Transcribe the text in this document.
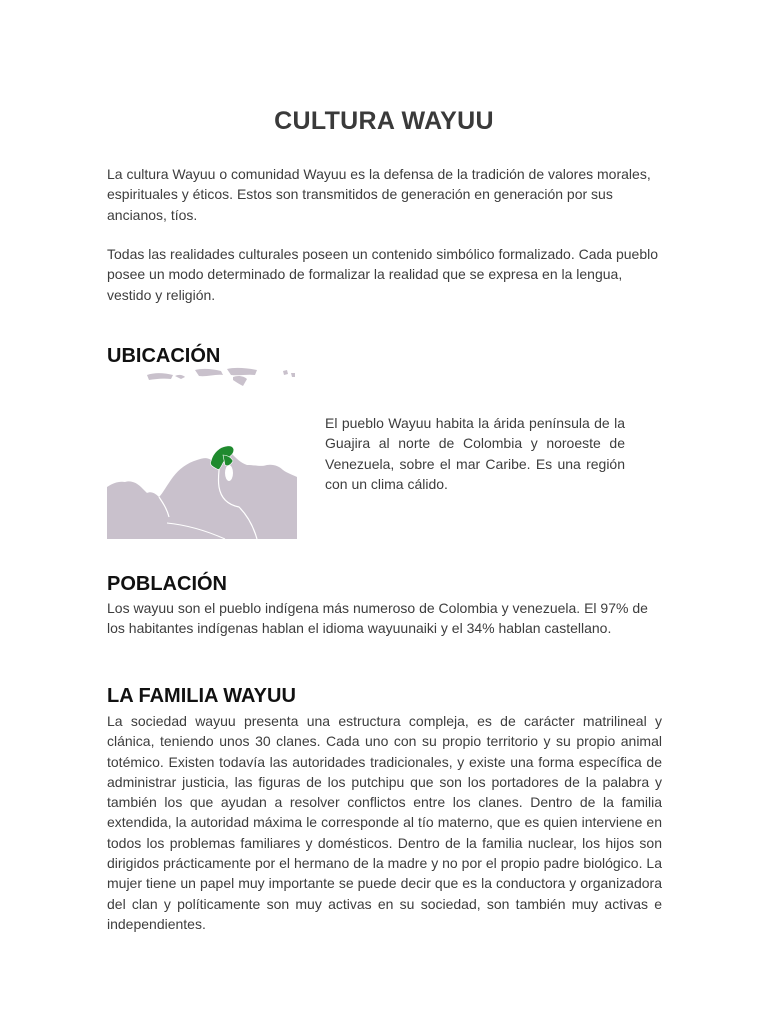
CULTURA WAYUU

La cultura Wayuu o comunidad Wayuu es la defensa de la tradición de valores morales, espirituales y éticos. Estos son transmitidos de generación en generación por sus ancianos, tíos.

Todas las realidades culturales poseen un contenido simbólico formalizado. Cada pueblo posee un modo determinado de formalizar la realidad que se expresa en la lengua, vestido y religión.

UBICACIÓN

El pueblo Wayuu habita la árida península de la Guajira al norte de Colombia y noroeste de Venezuela, sobre el mar Caribe. Es una región con un clima cálido.

POBLACIÓN

Los wayuu son el pueblo indígena más numeroso de Colombia y venezuela. El 97% de los habitantes indígenas hablan el idioma wayuunaiki y el 34% hablan castellano.

LA FAMILIA WAYUU

La sociedad wayuu presenta una estructura compleja, es de carácter matrilineal y clánica, teniendo unos 30 clanes. Cada uno con su propio territorio y su propio animal totémico. Existen todavía las autoridades tradicionales, y existe una forma específica de administrar justicia, las figuras de los putchipu que son los portadores de la palabra y también los que ayudan a resolver conflictos entre los clanes. Dentro de la familia extendida, la autoridad máxima le corresponde al tío materno, que es quien interviene en todos los problemas familiares y domésticos. Dentro de la familia nuclear, los hijos son dirigidos prácticamente por el hermano de la madre y no por el propio padre biológico. La mujer tiene un papel muy importante se puede decir que es la conductora y organizadora del clan y políticamente son muy activas en su sociedad, son también muy activas e independientes.
